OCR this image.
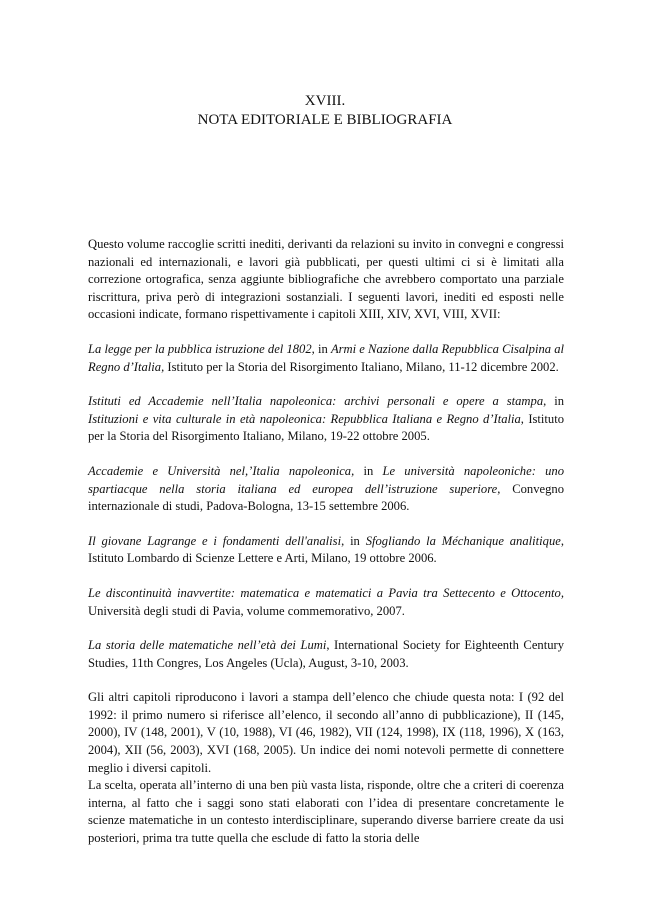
XVIII.
NOTA EDITORIALE E BIBLIOGRAFIA

Questo volume raccoglie scritti inediti, derivanti da relazioni su invito in convegni e congressi nazionali ed internazionali, e lavori già pubblicati, per questi ultimi ci si è limitati alla correzione ortografica, senza aggiunte bibliografiche che avrebbero comportato una parziale riscrittura, priva però di integrazioni sostanziali. I seguenti lavori, inediti ed esposti nelle occasioni indicate, formano rispettivamente i capitoli XIII, XIV, XVI, VIII, XVII:

La legge per la pubblica istruzione del 1802, in Armi e Nazione dalla Repubblica Cisalpina al Regno d’Italia, Istituto per la Storia del Risorgimento Italiano, Milano, 11-12 dicembre 2002.

Istituti ed Accademie nell’Italia napoleonica: archivi personali e opere a stampa, in Istituzioni e vita culturale in età napoleonica: Repubblica Italiana e Regno d’Italia, Istituto per la Storia del Risorgimento Italiano, Milano, 19-22 ottobre 2005.

Accademie e Università nel,’Italia napoleonica, in Le università napoleoniche: uno spartiacque nella storia italiana ed europea dell’istruzione superiore, Convegno internazionale di studi, Padova-Bologna, 13-15 settembre 2006.

Il giovane Lagrange e i fondamenti dell'analisi, in Sfogliando la Méchanique analitique, Istituto Lombardo di Scienze Lettere e Arti, Milano, 19 ottobre 2006.

Le discontinuità inavvertite: matematica e matematici a Pavia tra Settecento e Ottocento, Università degli studi di Pavia, volume commemorativo, 2007.

La storia delle matematiche nell’età dei Lumi, International Society for Eighteenth Century Studies, 11th Congres, Los Angeles (Ucla), August, 3-10, 2003.

Gli altri capitoli riproducono i lavori a stampa dell’elenco che chiude questa nota: I (92 del 1992: il primo numero si riferisce all’elenco, il secondo all’anno di pubblicazione), II (145, 2000), IV (148, 2001), V (10, 1988), VI (46, 1982), VII (124, 1998), IX (118, 1996), X (163, 2004), XII (56, 2003), XVI (168, 2005). Un indice dei nomi notevoli permette di connettere meglio i diversi capitoli.

La scelta, operata all’interno di una ben più vasta lista, risponde, oltre che a criteri di coerenza interna, al fatto che i saggi sono stati elaborati con l’idea di presentare concretamente le scienze matematiche in un contesto interdisciplinare, superando diverse barriere create da usi posteriori, prima tra tutte quella che esclude di fatto la storia delle
